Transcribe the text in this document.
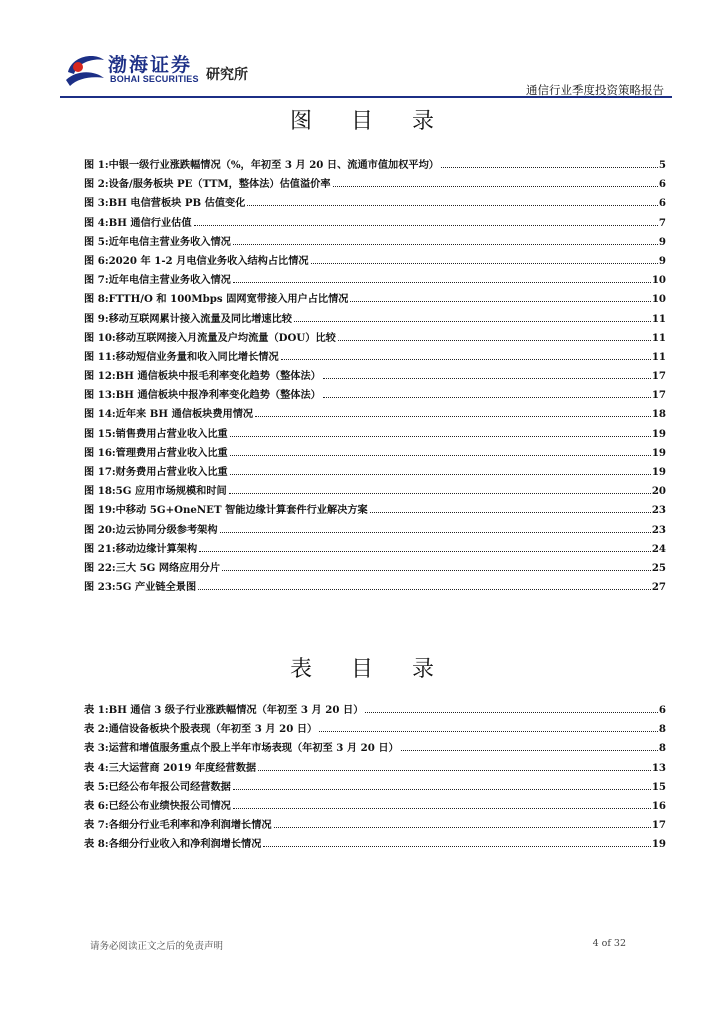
渤海证券
BOHAI SECURITIES 研究所
通信行业季度投资策略报告
图 目 录
图 1: 中银一级行业涨跌幅情况（%，年初至 3 月 20 日、流通市值加权平均）	5
图 2: 设备/服务板块 PE（TTM，整体法）估值溢价率	6
图 3: BH 电信营板块 PB 估值变化	6
图 4: BH 通信行业估值	7
图 5: 近年电信主营业务收入情况	9
图 6: 2020 年 1-2 月电信业务收入结构占比情况	9
图 7: 近年电信主营业务收入情况	10
图 8: FTTH/O 和 100Mbps 固网宽带接入用户占比情况	10
图 9: 移动互联网累计接入流量及同比增速比较	11
图 10: 移动互联网接入月流量及户均流量（DOU）比较	11
图 11: 移动短信业务量和收入同比增长情况	11
图 12: BH 通信板块中报毛利率变化趋势（整体法）	17
图 13: BH 通信板块中报净利率变化趋势（整体法）	17
图 14: 近年来 BH 通信板块费用情况	18
图 15: 销售费用占营业收入比重	19
图 16: 管理费用占营业收入比重	19
图 17: 财务费用占营业收入比重	19
图 18: 5G 应用市场规模和时间	20
图 19: 中移动 5G+OneNET 智能边缘计算套件行业解决方案	23
图 20: 边云协同分级参考架构	23
图 21: 移动边缘计算架构	24
图 22: 三大 5G 网络应用分片	25
图 23: 5G 产业链全景图	27
表 目 录
表 1: BH 通信 3 级子行业涨跌幅情况（年初至 3 月 20 日）	6
表 2: 通信设备板块个股表现（年初至 3 月 20 日）	8
表 3: 运营和增值服务重点个股上半年市场表现（年初至 3 月 20 日）	8
表 4: 三大运营商 2019 年度经营数据	13
表 5: 已经公布年报公司经营数据	15
表 6: 已经公布业绩快报公司情况	16
表 7: 各细分行业毛利率和净利润增长情况	17
表 8: 各细分行业收入和净利润增长情况	19
请务必阅读正文之后的免责声明	4 of 32
